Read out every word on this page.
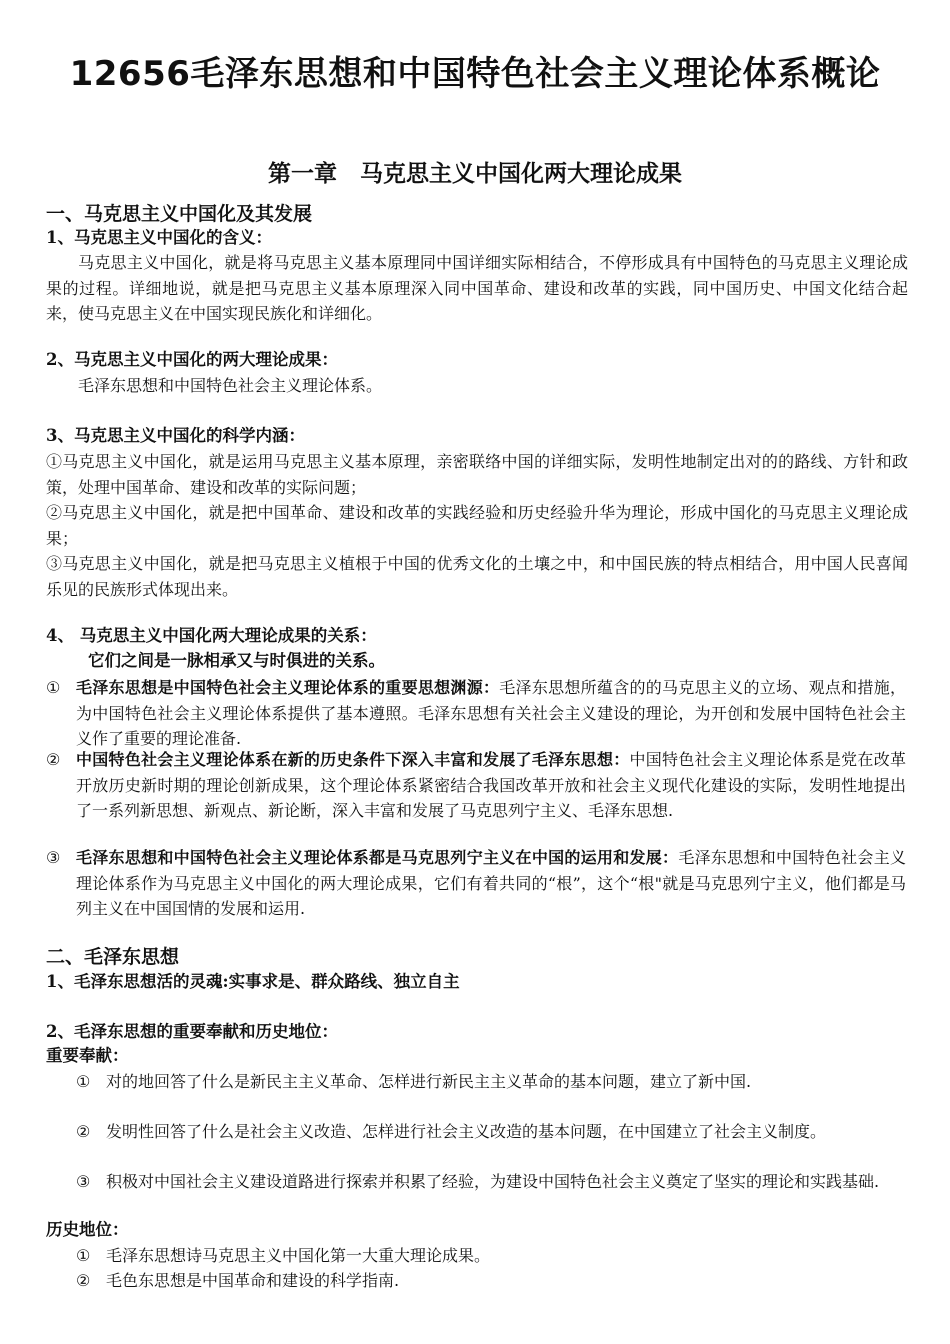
12656毛泽东思想和中国特色社会主义理论体系概论
第一章　马克思主义中国化两大理论成果
一、马克思主义中国化及其发展
1、马克思主义中国化的含义：
马克思主义中国化，就是将马克思主义基本原理同中国详细实际相结合，不停形成具有中国特色的马克思主义理论成果的过程。详细地说，就是把马克思主义基本原理深入同中国革命、建设和改革的实践，同中国历史、中国文化结合起来，使马克思主义在中国实现民族化和详细化。
2、马克思主义中国化的两大理论成果：
毛泽东思想和中国特色社会主义理论体系。
3、马克思主义中国化的科学内涵：
①马克思主义中国化，就是运用马克思主义基本原理，亲密联络中国的详细实际，发明性地制定出对的的路线、方针和政策，处理中国革命、建设和改革的实际问题；
②马克思主义中国化，就是把中国革命、建设和改革的实践经验和历史经验升华为理论，形成中国化的马克思主义理论成果；
③马克思主义中国化，就是把马克思主义植根于中国的优秀文化的土壤之中，和中国民族的特点相结合，用中国人民喜闻乐见的民族形式体现出来。
4、 马克思主义中国化两大理论成果的关系：
它们之间是一脉相承又与时俱进的关系。
① 毛泽东思想是中国特色社会主义理论体系的重要思想渊源：毛泽东思想所蕴含的的马克思主义的立场、观点和措施，为中国特色社会主义理论体系提供了基本遵照。毛泽东思想有关社会主义建设的理论，为开创和发展中国特色社会主义作了重要的理论准备.
② 中国特色社会主义理论体系在新的历史条件下深入丰富和发展了毛泽东思想：中国特色社会主义理论体系是党在改革开放历史新时期的理论创新成果，这个理论体系紧密结合我国改革开放和社会主义现代化建设的实际，发明性地提出了一系列新思想、新观点、新论断，深入丰富和发展了马克思列宁主义、毛泽东思想.
③ 毛泽东思想和中国特色社会主义理论体系都是马克思列宁主义在中国的运用和发展：毛泽东思想和中国特色社会主义理论体系作为马克思主义中国化的两大理论成果，它们有着共同的“根”，这个“根"就是马克思列宁主义，他们都是马列主义在中国国情的发展和运用.
二、毛泽东思想
1、毛泽东思想活的灵魂:实事求是、群众路线、独立自主
2、毛泽东思想的重要奉献和历史地位：
重要奉献：
① 对的地回答了什么是新民主主义革命、怎样进行新民主主义革命的基本问题，建立了新中国.
② 发明性回答了什么是社会主义改造、怎样进行社会主义改造的基本问题，在中国建立了社会主义制度。
③ 积极对中国社会主义建设道路进行探索并积累了经验，为建设中国特色社会主义奠定了坚实的理论和实践基础.
历史地位：
① 毛泽东思想诗马克思主义中国化第一大重大理论成果。
② 毛色东思想是中国革命和建设的科学指南.
